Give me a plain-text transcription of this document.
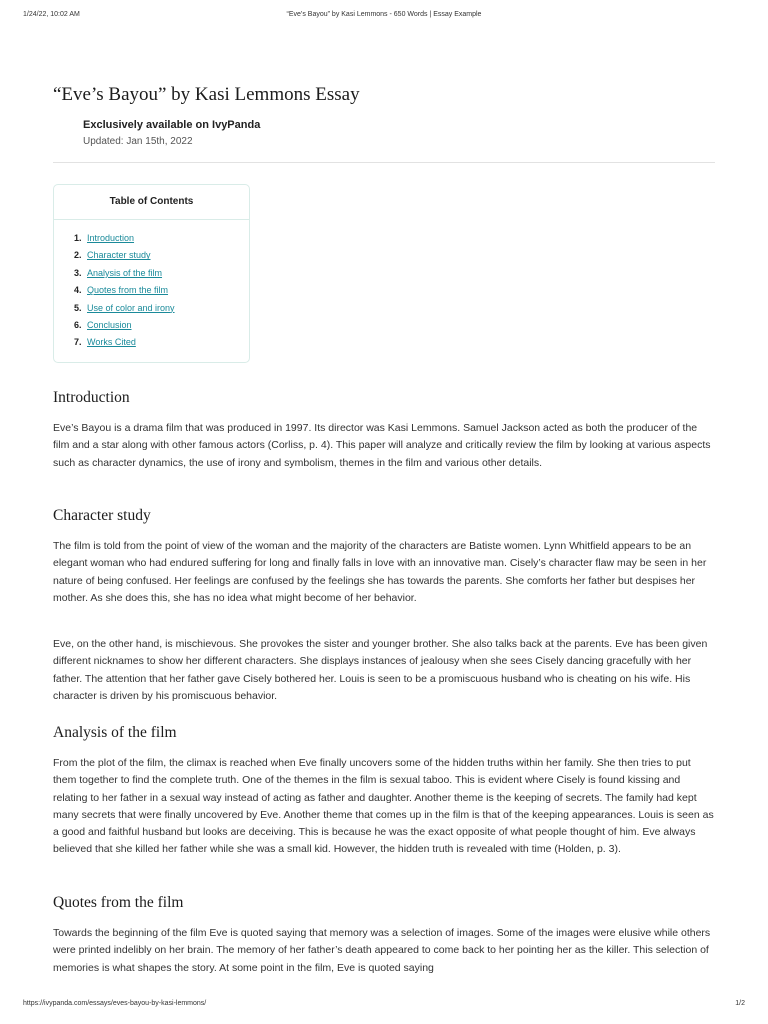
1/24/22, 10:02 AM	“Eve’s Bayou” by Kasi Lemmons - 650 Words | Essay Example
“Eve’s Bayou” by Kasi Lemmons Essay
Exclusively available on IvyPanda
Updated: Jan 15th, 2022
Table of Contents
1. Introduction
2. Character study
3. Analysis of the film
4. Quotes from the film
5. Use of color and irony
6. Conclusion
7. Works Cited
Introduction

Eve’s Bayou is a drama film that was produced in 1997. Its director was Kasi Lemmons. Samuel Jackson acted as both the producer of the film and a star along with other famous actors (Corliss, p. 4). This paper will analyze and critically review the film by looking at various aspects such as character dynamics, the use of irony and symbolism, themes in the film and various other details.

Character study

The film is told from the point of view of the woman and the majority of the characters are Batiste women. Lynn Whitfield appears to be an elegant woman who had endured suffering for long and finally falls in love with an innovative man. Cisely’s character flaw may be seen in her nature of being confused. Her feelings are confused by the feelings she has towards the parents. She comforts her father but despises her mother. As she does this, she has no idea what might become of her behavior.

Eve, on the other hand, is mischievous. She provokes the sister and younger brother. She also talks back at the parents. Eve has been given different nicknames to show her different characters. She displays instances of jealousy when she sees Cisely dancing gracefully with her father. The attention that her father gave Cisely bothered her. Louis is seen to be a promiscuous husband who is cheating on his wife. His character is driven by his promiscuous behavior.

Analysis of the film

From the plot of the film, the climax is reached when Eve finally uncovers some of the hidden truths within her family. She then tries to put them together to find the complete truth. One of the themes in the film is sexual taboo. This is evident where Cisely is found kissing and relating to her father in a sexual way instead of acting as father and daughter. Another theme is the keeping of secrets. The family had kept many secrets that were finally uncovered by Eve. Another theme that comes up in the film is that of the keeping appearances. Louis is seen as a good and faithful husband but looks are deceiving. This is because he was the exact opposite of what people thought of him. Eve always believed that she killed her father while she was a small kid. However, the hidden truth is revealed with time (Holden, p. 3).

Quotes from the film

Towards the beginning of the film Eve is quoted saying that memory was a selection of images. Some of the images were elusive while others were printed indelibly on her brain. The memory of her father’s death appeared to come back to her pointing her as the killer. This selection of memories is what shapes the story. At some point in the film, Eve is quoted saying

https://ivypanda.com/essays/eves-bayou-by-kasi-lemmons/	1/2
